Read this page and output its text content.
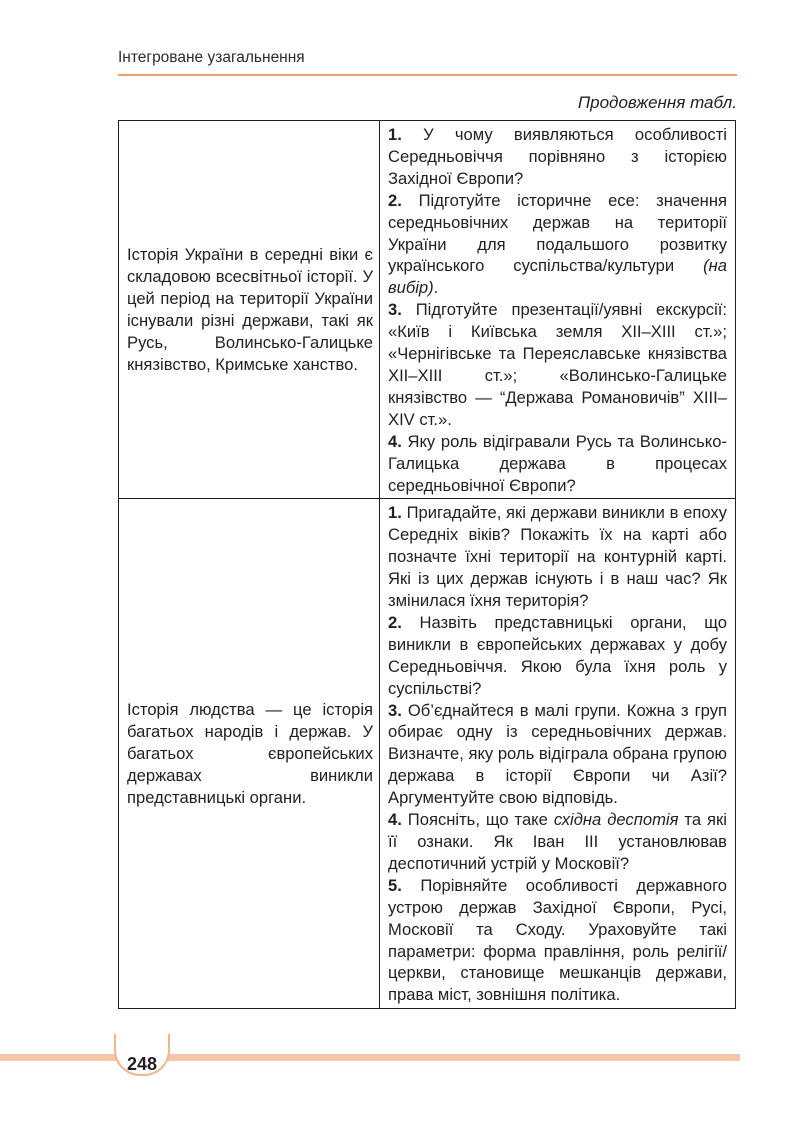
Інтегроване узагальнення
Продовження табл.
Історія України в середні віки є складовою всесвітньої історії. У цей період на території України існували різні держави, такі як Русь, Волинсько-Галицьке князівство, Кримське ханство.	1. У чому виявляються особливості Середньовіччя порівняно з історією Західної Європи?
2. Підготуйте історичне есе: значення середньовічних держав на території України для подальшого розвитку українського суспільства/культури (на вибір).
3. Підготуйте презентації/уявні екскурсії: «Київ і Київська земля XII–XIII ст.»; «Чернігівське та Переяславське князівства XII–XIII ст.»; «Волинсько-Галицьке князівство — “Держава Романовичів” XIII–XIV ст.».
4. Яку роль відігравали Русь та Волинсько-Галицька держава в процесах середньовічної Європи?

Історія людства — це історія багатьох народів і держав. У багатьох європейських державах виникли представницькі органи.	1. Пригадайте, які держави виникли в епоху Середніх віків? Покажіть їх на карті або позначте їхні території на контурній карті. Які із цих держав існують і в наш час? Як змінилася їхня територія?
2. Назвіть представницькі органи, що виникли в європейських державах у добу Середньовіччя. Якою була їхня роль у суспільстві?
3. Об’єднайтеся в малі групи. Кожна з груп обирає одну із середньовічних держав. Визначте, яку роль відіграла обрана групою держава в історії Європи чи Азії? Аргументуйте свою відповідь.
4. Поясніть, що таке східна деспотія та які її ознаки. Як Іван III установлював деспотичний устрій у Московії?
5. Порівняйте особливості державного устрою держав Західної Європи, Русі, Московії та Сходу. Ураховуйте такі параметри: форма правління, роль релігії/церкви, становище мешканців держави, права міст, зовнішня політика.
248
